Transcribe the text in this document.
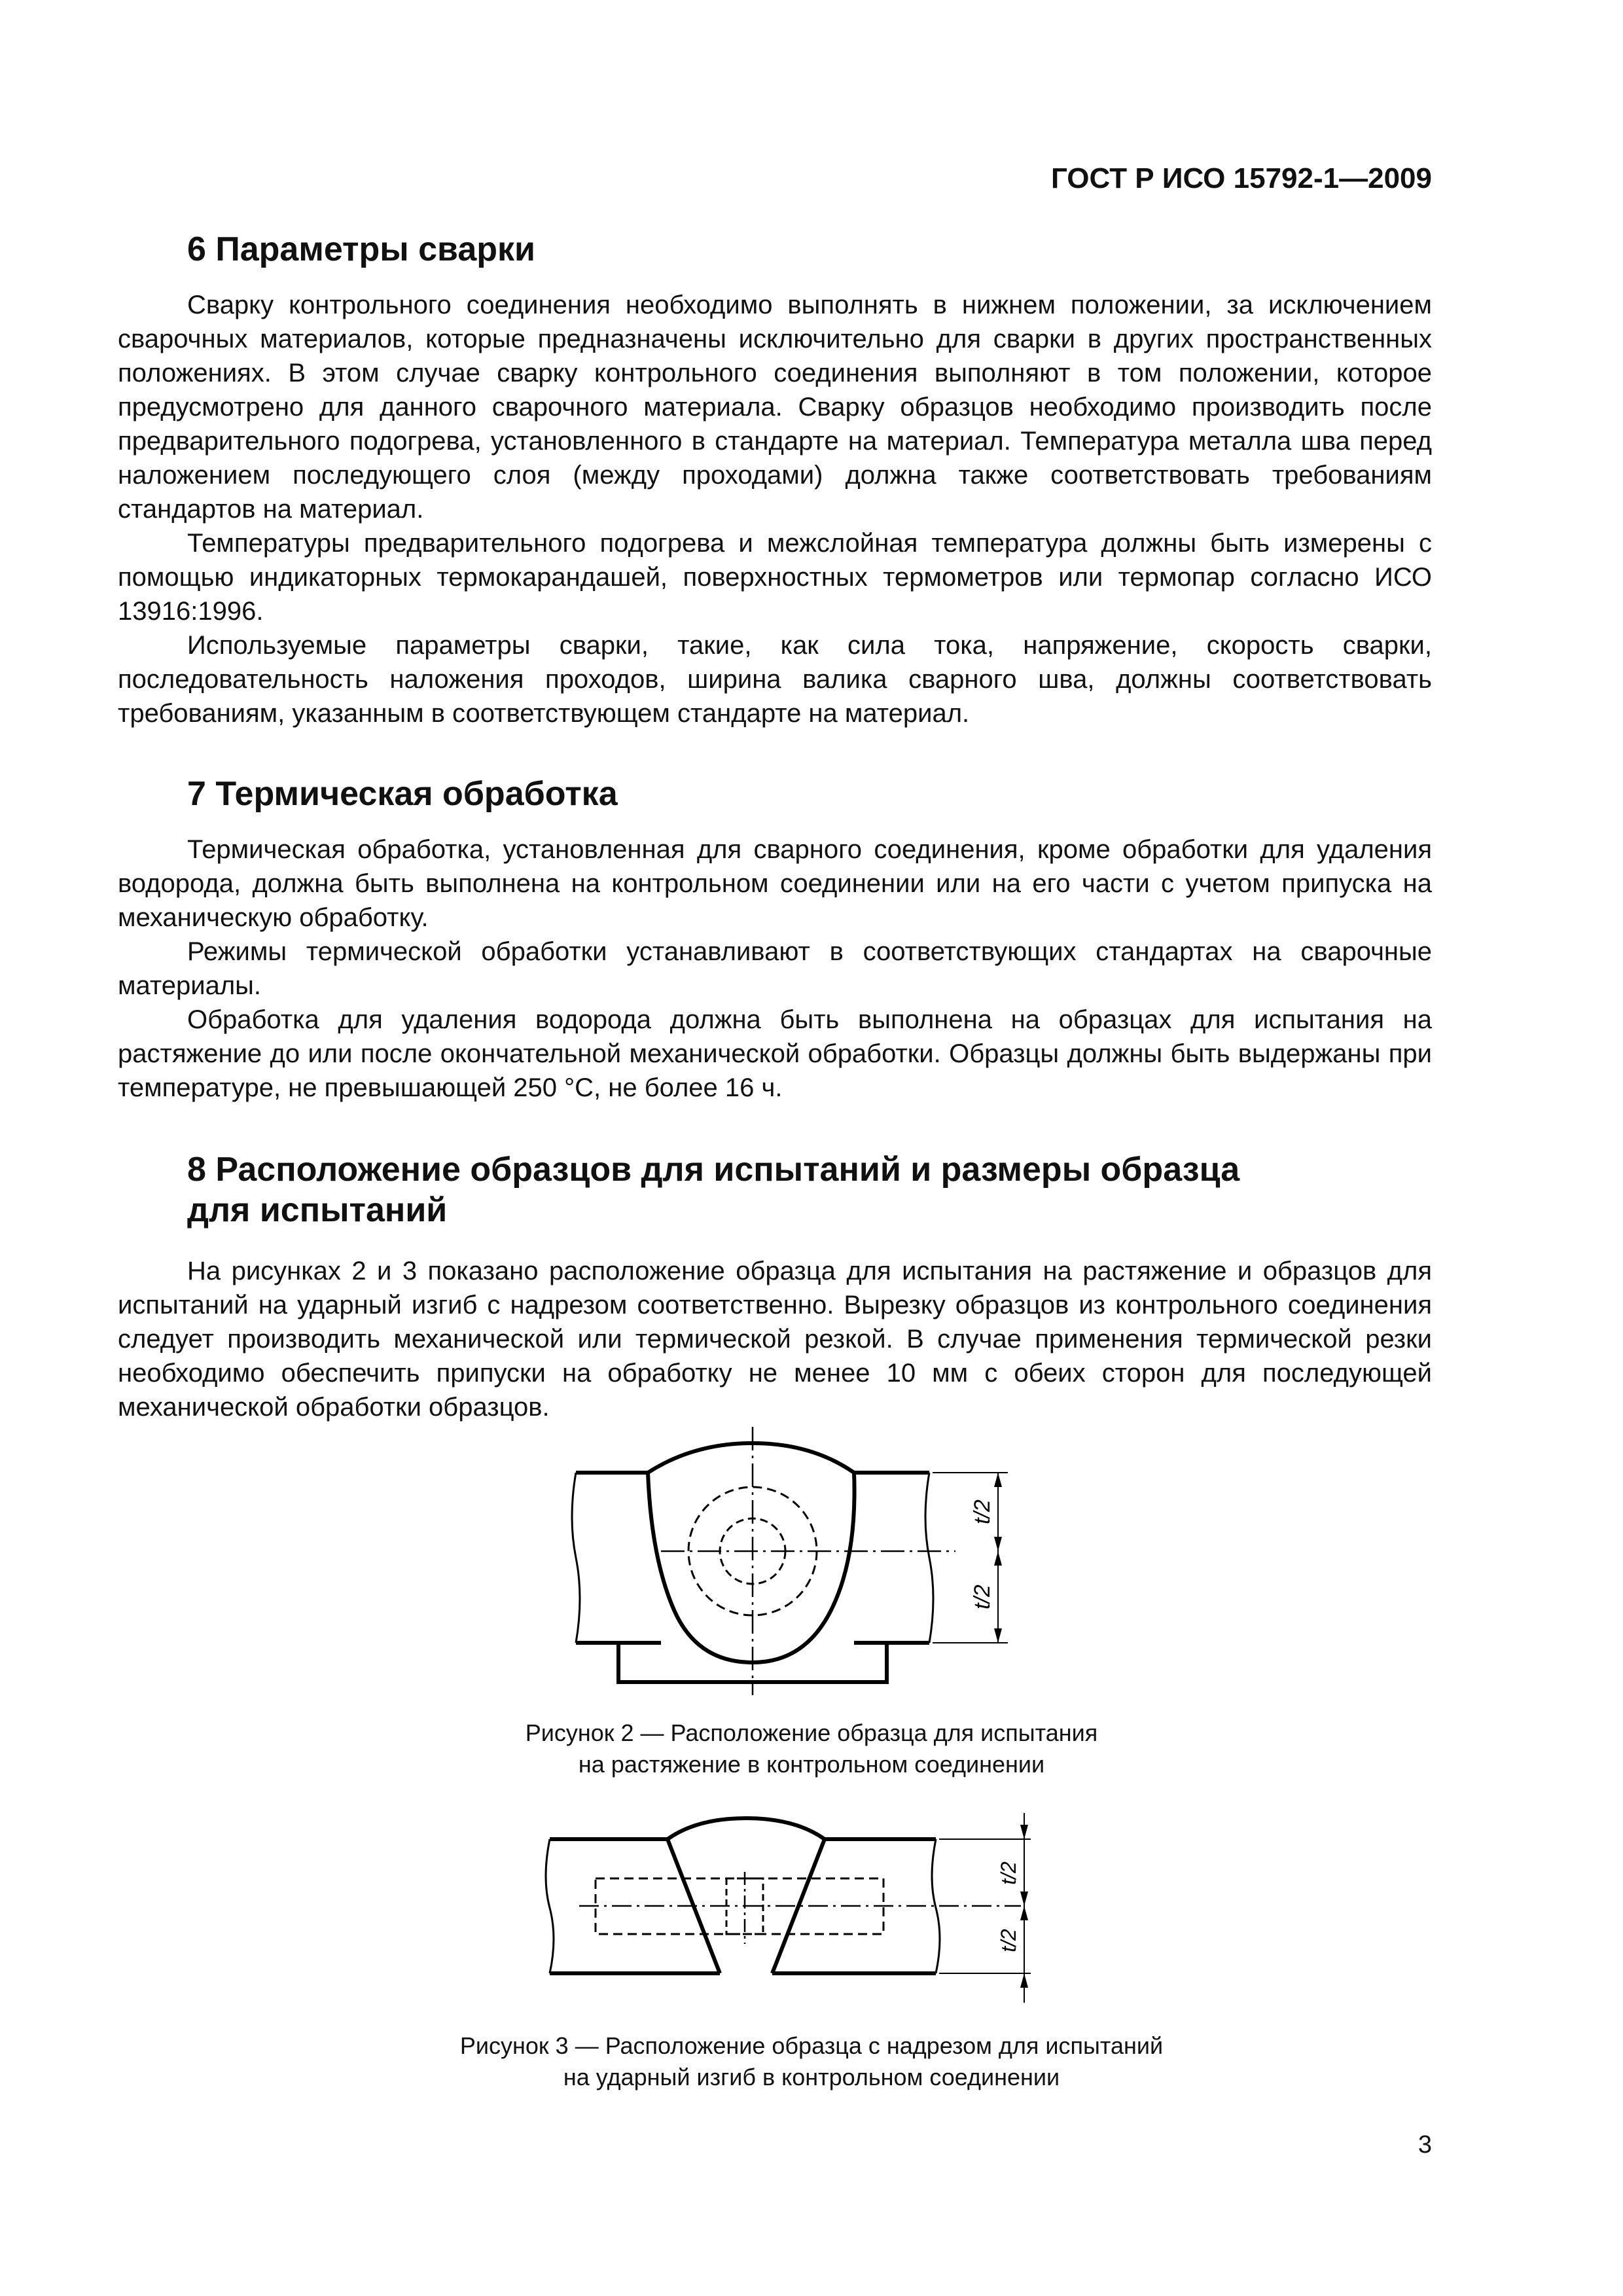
ГОСТ Р ИСО 15792-1—2009
6 Параметры сварки

Сварку контрольного соединения необходимо выполнять в нижнем положении, за исключением сварочных материалов, которые предназначены исключительно для сварки в других пространственных положениях. В этом случае сварку контрольного соединения выполняют в том положении, которое предусмотрено для данного сварочного материала. Сварку образцов необходимо производить после предварительного подогрева, установленного в стандарте на материал. Температура металла шва перед наложением последующего слоя (между проходами) должна также соответствовать требованиям стандартов на материал.

Температуры предварительного подогрева и межслойная температура должны быть измерены с помощью индикаторных термокарандашей, поверхностных термометров или термопар согласно ИСО 13916:1996.

Используемые параметры сварки, такие, как сила тока, напряжение, скорость сварки, последовательность наложения проходов, ширина валика сварного шва, должны соответствовать требованиям, указанным в соответствующем стандарте на материал.

7 Термическая обработка

Термическая обработка, установленная для сварного соединения, кроме обработки для удаления водорода, должна быть выполнена на контрольном соединении или на его части с учетом припуска на механическую обработку.

Режимы термической обработки устанавливают в соответствующих стандартах на сварочные материалы.

Обработка для удаления водорода должна быть выполнена на образцах для испытания на растяжение до или после окончательной механической обработки. Образцы должны быть выдержаны при температуре, не превышающей 250 °С, не более 16 ч.

8 Расположение образцов для испытаний и размеры образца
для испытаний

На рисунках 2 и 3 показано расположение образца для испытания на растяжение и образцов для испытаний на ударный изгиб с надрезом соответственно. Вырезку образцов из контрольного соединения следует производить механической или термической резкой. В случае применения термической резки необходимо обеспечить припуски на обработку не менее 10 мм с обеих сторон для последующей механической обработки образцов.

t/2
t/2
Рисунок 2 — Расположение образца для испытания
на растяжение в контрольном соединении
t/2
t/2
Рисунок 3 — Расположение образца с надрезом для испытаний
на ударный изгиб в контрольном соединении
3
